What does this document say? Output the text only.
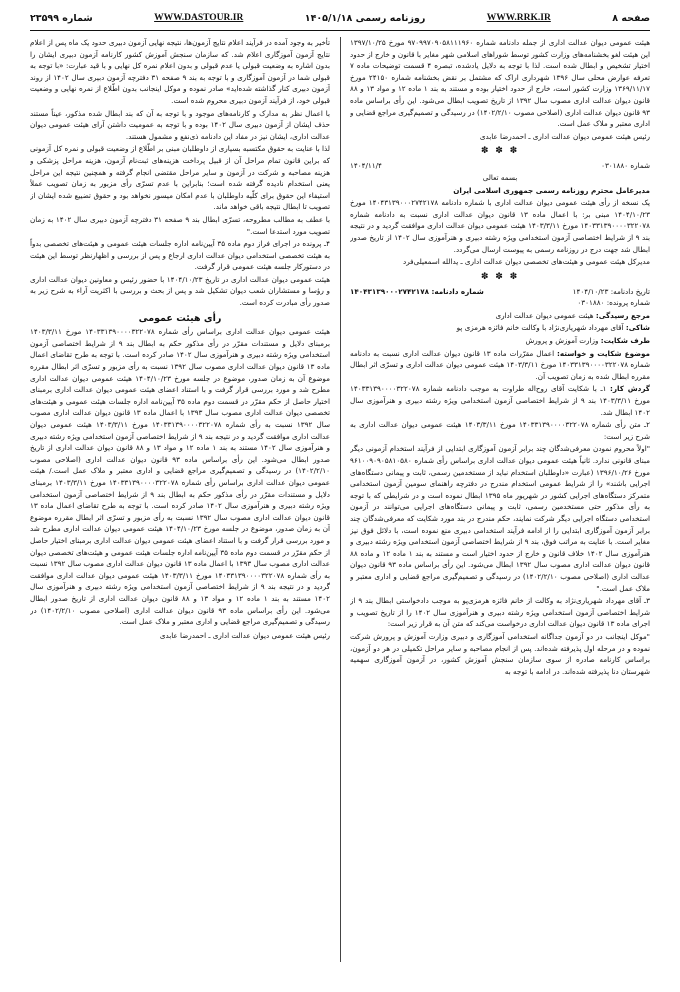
صفحه ۸
WWW.RRK.IR
روزنامه رسمی ۱۴۰۵/۱/۱۸
WWW.DASTOUR.IR
شماره ۲۳۵۹۹

هیئت عمومی دیوان عدالت اداری از جمله دادنامه شماره ۹۷۰۹۹۷۰۹۰۵۸۱۱۱۹۶۰ مورخ ۱۳۹۷/۱۰/۲۵ این هیئت لغو بخشنامه‌های وزارت کشور توسط شوراهای اسلامی شهر مغایر با قانون و خارج از حدود اختیار تشخیص و ابطال شده است. لذا با توجه به دلایل یادشده، تبصره ۴ قسمت توضیحات ماده ۷ تعرفه عوارض محلی سال ۱۳۹۶ شهرداری اراک که مشتمل بر نقض بخشنامه شماره ۲۴۱۵۰ مورخ ۱۳۶۹/۱۱/۱۷ وزارت کشور است، خارج از حدود اختیار بوده و مستند به بند ۱ ماده ۱۲ و مواد ۱۳ و ۸۸ قانون دیوان عدالت اداری مصوب سال ۱۳۹۲ از تاریخ تصویب ابطال می‌شود. این رأی براساس ماده ۹۳ قانون دیوان عدالت اداری (اصلاحی مصوب ۱۴۰۲/۲/۱۰) در رسیدگی و تصمیم‌گیری مراجع قضایی و اداری معتبر و ملاک عمل است.

رئیس هیئت عمومی دیوان عدالت اداری ـ احمدرضا عابدی

✽ ✽ ✽
شماره ۰۳۰۱۸۸۰
۱۴۰۴/۱۱/۴

بسمه تعالی

مدیرعامل محترم روزنامه رسمی جمهوری اسلامی ایران

یک نسخه از رأی هیئت عمومی دیوان عدالت اداری با شماره دادنامه ۱۴۰۴۳۱۳۹۰۰۰۲۷۴۲۱۷۸ مورخ ۱۴۰۴/۱۰/۲۳ مبنی بر: با اعمال ماده ۱۳ قانون دیوان عدالت اداری نسبت به دادنامه شماره ۱۴۰۳۳۱۳۹۰۰۰۰۳۲۲۰۷۸ مورخ ۱۴۰۳/۳/۱۱ هیئت عمومی دیوان عدالت اداری موافقت گردید و در نتیجه بند ۹ از شرایط اختصاصی آزمون استخدامی ویژه رشته دبیری و هنرآموزی سال ۱۴۰۲ از تاریخ صدور ابطال شد جهت درج در روزنامه رسمی به پیوست ارسال می‌گردد.

مدیرکل هیئت عمومی و هیئت‌های تخصصی دیوان عدالت اداری ـ یدالله اسمعیلی‌فرد

✽ ✽ ✽
تاریخ دادنامه: ۱۴۰۴/۱۰/۲۳
شماره دادنامه: ۱۴۰۴۳۱۳۹۰۰۰۲۷۴۲۱۷۸

شماره پرونده: ۰۳۰۱۸۸۰

مرجع رسیدگی: هیئت عمومی دیوان عدالت اداری

شاکی: آقای مهرداد شهریاری‌نژاد با وکالت خانم فائزه هرمزی پو

طرف شکایت: وزارت آموزش و پرورش

موضوع شکایت و خواسته: اعمال مقرّرات ماده ۱۳ قانون دیوان عدالت اداری نسبت به دادنامه شماره ۱۴۰۳۳۱۳۹۰۰۰۰۳۲۲۰۷۸ مورخ ۱۴۰۳/۳/۱۱ هیئت عمومی دیوان عدالت اداری و تسرّی اثر ابطال مقرره ابطال شده به زمان تصویب آن.

گردش کار: ۱ـ با شکایت آقای روح‌اله طراوت به موجب دادنامه شماره ۱۴۰۳۳۱۳۹۰۰۰۰۳۲۲۰۷۸ مورخ ۱۴۰۳/۳/۱۱ بند ۹ از شرایط اختصاصی آزمون استخدامی ویژه رشته دبیری و هنرآموزی سال ۱۴۰۲ ابطال شد.

۲ـ متن رأی شماره ۱۴۰۳۳۱۳۹۰۰۰۰۳۲۲۰۷۸ مورخ ۱۴۰۳/۳/۱۱ هیئت عمومی دیوان عدالت اداری به شرح زیر است:

"اولاً محروم نمودن معرفی‌شدگان چند برابر آزمون آموزگاری ابتدایی از فرآیند استخدام آزمونی دیگر مبنای قانونی ندارد. ثانیاً هیئت عمومی دیوان عدالت اداری براساس رأی شماره ۹۶۱۰۰۹۰۹۰۵۸۱۰۵۸۰ مورخ ۱۳۹۶/۱۰/۲۶ (عبارت «داوطلبان استخدام نباید از مستخدمین رسمی، ثابت و پیمانی دستگاه‌های اجرایی باشند» را از شرایط عمومی استخدام مندرج در دفترچه راهنمای سومین آزمون استخدامی متمرکز دستگاه‌های اجرایی کشور در شهریور ماه ۱۳۹۵ ابطال نموده است و در شرایطی که با توجه به رأی مذکور حتی مستخدمین رسمی، ثابت و پیمانی دستگاه‌های اجرایی می‌توانند در آزمون استخدامی دستگاه اجرایی دیگر شرکت نمایند، حکم مندرج در بند مورد شکایت که معرفی‌شدگان چند برابر آزمون آموزگاری ابتدایی را از ادامه فرآیند استخدامی دبیری منع نموده است، با دلائل فوق نیز مغایر است. با عنایت به مراتب فوق، بند ۹ از شرایط اختصاصی آزمون استخدامی ویژه رشته دبیری و هنرآموزی سال ۱۴۰۲ خلاف قانون و خارج از حدود اختیار است و مستند به بند ۱ ماده ۱۲ و ماده ۸۸ قانون دیوان عدالت اداری مصوب سال ۱۳۹۲ ابطال می‌شود. این رأی براساس ماده ۹۳ قانون دیوان عدالت اداری (اصلاحی مصوب ۱۴۰۲/۲/۱۰) در رسیدگی و تصمیم‌گیری مراجع قضایی و اداری معتبر و ملاک عمل است."

۳ـ آقای مهرداد شهریاری‌نژاد به وکالت از خانم فائزه هرمزی‌پو به موجب دادخواستی ابطال بند ۹ از شرایط اختصاصی آزمون استخدامی ویژه رشته دبیری و هنرآموزی سال ۱۴۰۲ را از تاریخ تصویب و اجرای ماده ۱۳ قانون دیوان عدالت اداری درخواست می‌کند که متن آن به قرار زیر است:

"موکل اینجانب در دو آزمون جداگانه استخدامی آموزگاری و دبیری وزارت آموزش و پرورش شرکت نموده و در مرحله اول پذیرفته شده‌اند. پس از انجام مصاحبه و سایر مراحل تکمیلی در هر دو آزمون، براساس کارنامه صادره از سوی سازمان سنجش آموزش کشور، در آزمون آموزگاری سهمیه شهرستان دنا پذیرفته شده‌اند. در ادامه با توجه به

تأخیر به وجود آمده در فرآیند اعلام نتایج آزمون‌ها، نتیجه نهایی آزمون دبیری حدود یک ماه پس از اعلام نتایج آزمون آموزگاری اعلام شد. که سازمان سنجش آموزش کشور کارنامه آزمون دبیری ایشان را بدون اشاره به وضعیت قبولی یا عدم قبولی و بدون اعلام نمره کل نهایی و با قید عبارت: «با توجه به قبولی شما در آزمون آموزگاری و با توجه به بند ۹ صفحه ۳۱ دفترچه آزمون دبیری سال ۱۴۰۲ از روند آزمون دبیری کنار گذاشته شده‌اید» صادر نموده و موکل اینجانب بدون اطّلاع از نمره نهایی و وضعیت قبولی خود، از فرآیند آزمون دبیری محروم شده است.

با اعمال نظر به مدارک و کارنامه‌های موجود و با توجه به آن که بند ابطال شده مذکور، عیناً مستند حذف ایشان از آزمون دبیری سال ۱۴۰۲ بوده و با توجه به عمومیت داشتن آرای هیئت عمومی دیوان عدالت اداری، ایشان نیز در مفاد این دادنامه ذی‌نفع و مشمول هستند.

لذا با عنایت به حقوق مکتسبه بسیاری از داوطلبان مبنی بر اطّلاع از وضعیت قبولی و نمره کل آزمونی که براین قانون تمام مراحل آن از قبیل پرداخت هزینه‌های ثبت‌نام آزمون، هزینه مراحل پزشکی و هزینه مصاحبه و شرکت در آزمون و سایر مراحل مقتضی انجام گرفته و همچنین نتیجه این مراحل یعنی استخدام نادیده گرفته شده است؛ بنابراین با عدم تسرّی رأی مزبور به زمان تصویب عملاً استیفاء این حقوق برای کلّیه داوطلبان با عدم امکان میسور نخواهد بود و حقوق تضییع شده ایشان از تصویب تا ابطال نتیجه باقی خواهد ماند.

با عطف به مطالب مطروحه، تسرّی ابطال بند ۹ صفحه ۳۱ دفترچه آزمون دبیری سال ۱۴۰۲ به زمان تصویب مورد استدعا است."

۴ـ پرونده در اجرای فراز دوم ماده ۳۵ آیین‌نامه اداره جلسات هیئت عمومی و هیئت‌های تخصصی بدواً به هیئت تخصصی استخدامی دیوان عدالت اداری ارجاع و پس از بررسی و اظهارنظر توسط این هیئت در دستورکار جلسه هیئت عمومی قرار گرفت.

هیئت عمومی دیوان عدالت اداری در تاریخ ۱۴۰۴/۱۰/۲۳ با حضور رئیس و معاونین دیوان عدالت اداری و رؤسا و مستشاران شعب دیوان تشکیل شد و پس از بحث و بررسی با اکثریت آراء به شرح زیر به صدور رأی مبادرت کرده است.

رأی هیئت عمومی

هیئت عمومی دیوان عدالت اداری براساس رأی شماره ۱۴۰۳۳۱۳۹۰۰۰۰۳۲۲۰۷۸ مورخ ۱۴۰۳/۳/۱۱ برمبنای دلایل و مستندات مقرّر در رأی مذکور حکم به ابطال بند ۹ از شرایط اختصاصی آزمون استخدامی ویژه رشته دبیری و هنرآموزی سال ۱۴۰۲ صادر کرده است. با توجه به طرح تقاضای اعمال ماده ۱۳ قانون دیوان عدالت اداری مصوب سال ۱۳۹۲ نسبت به رأی مزبور و تسرّی اثر ابطال مقرره موضوع آن به زمان صدور، موضوع در جلسه مورخ ۱۴۰۴/۱۰/۲۳ هیئت عمومی دیوان عدالت اداری مطرح شد و مورد بررسی قرار گرفت و با استناد اعضای هیئت عمومی دیوان عدالت اداری برمبنای اختیار حاصل از حکم مقرّر در قسمت دوم ماده ۳۵ آیین‌نامه اداره جلسات هیئت عمومی و هیئت‌های تخصصی دیوان عدالت اداری مصوب سال ۱۳۹۳ با اعمال ماده ۱۳ قانون دیوان عدالت اداری مصوب سال ۱۳۹۲ نسبت به رأی شماره ۱۴۰۳۳۱۳۹۰۰۰۰۳۲۲۰۷۸ مورخ ۱۴۰۳/۳/۱۱ هیئت عمومی دیوان عدالت اداری موافقت گردید و در نتیجه بند ۹ از شرایط اختصاصی آزمون استخدامی ویژه رشته دبیری و هنرآموزی سال ۱۴۰۲ مستند به بند ۱ ماده ۱۲ و مواد ۱۳ و ۸۸ قانون دیوان عدالت اداری از تاریخ صدور ابطال می‌شود. این رأی براساس ماده ۹۳ قانون دیوان عدالت اداری (اصلاحی مصوب ۱۴۰۲/۲/۱۰) در رسیدگی و تصمیم‌گیری مراجع قضایی و اداری معتبر و ملاک عمل است./ هیئت عمومی دیوان عدالت اداری براساس رأی شماره ۱۴۰۳۳۱۳۹۰۰۰۰۳۲۲۰۷۸ مورخ ۱۴۰۳/۳/۱۱ برمبنای دلایل و مستندات مقرّر در رأی مذکور حکم به ابطال بند ۹ از شرایط اختصاصی آزمون استخدامی ویژه رشته دبیری و هنرآموزی سال ۱۴۰۲ صادر کرده است. با توجه به طرح تقاضای اعمال ماده ۱۳ قانون دیوان عدالت اداری مصوب سال ۱۳۹۲ نسبت به رأی مزبور و تسرّی اثر ابطال مقرره موضوع آن به زمان صدور، موضوع در جلسه مورخ ۱۴۰۴/۱۰/۲۳ هیئت عمومی دیوان عدالت اداری مطرح شد و مورد بررسی قرار گرفت و با استناد اعضای هیئت عمومی دیوان عدالت اداری برمبنای اختیار حاصل از حکم مقرّر در قسمت دوم ماده ۳۵ آیین‌نامه اداره جلسات هیئت عمومی و هیئت‌های تخصصی دیوان عدالت اداری مصوب سال ۱۳۹۳ با اعمال ماده ۱۳ قانون دیوان عدالت اداری مصوب سال ۱۳۹۲ نسبت به رأی شماره ۱۴۰۳۳۱۳۹۰۰۰۰۳۲۲۰۷۸ مورخ ۱۴۰۳/۳/۱۱ هیئت عمومی دیوان عدالت اداری موافقت گردید و در نتیجه بند ۹ از شرایط اختصاصی آزمون استخدامی ویژه رشته دبیری و هنرآموزی سال ۱۴۰۲ مستند به بند ۱ ماده ۱۲ و مواد ۱۳ و ۸۸ قانون دیوان عدالت اداری از تاریخ صدور ابطال می‌شود. این رأی براساس ماده ۹۳ قانون دیوان عدالت اداری (اصلاحی مصوب ۱۴۰۲/۲/۱۰) در رسیدگی و تصمیم‌گیری مراجع قضایی و اداری معتبر و ملاک عمل است.

رئیس هیئت عمومی دیوان عدالت اداری ـ احمدرضا عابدی
